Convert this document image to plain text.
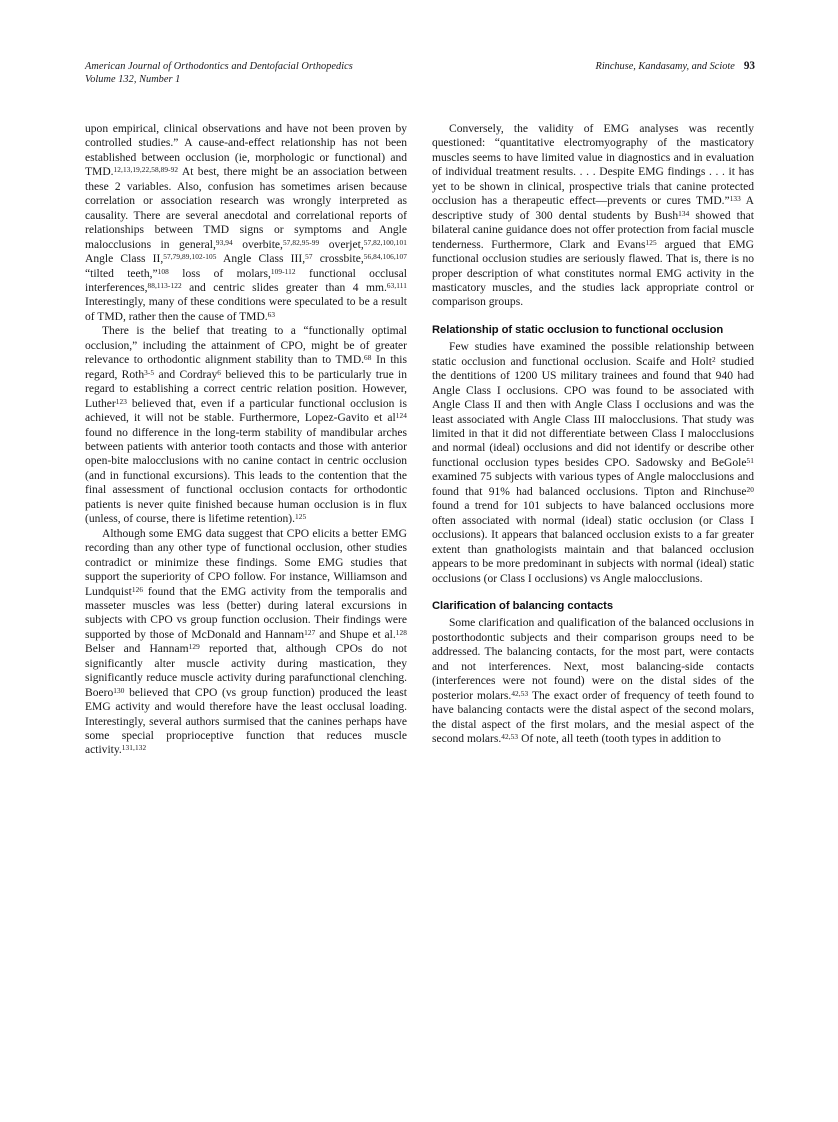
American Journal of Orthodontics and Dentofacial Orthopedics
Volume 132, Number 1
Rinchuse, Kandasamy, and Sciote 93

upon empirical, clinical observations and have not been proven by controlled studies.” A cause-and-effect relationship has not been established between occlusion (ie, morphologic or functional) and TMD.$^{12,13,19,22,58,89-92}$ At best, there might be an association between these 2 variables. Also, confusion has sometimes arisen because correlation or association research was wrongly interpreted as causality. There are several anecdotal and correlational reports of relationships between TMD signs or symptoms and Angle malocclusions in general,$^{93,94}$ overbite,$^{57,82,95-99}$ overjet,$^{57,82,100,101}$ Angle Class II,$^{57,79,89,102-105}$ Angle Class III,$^{57}$ crossbite,$^{56,84,106,107}$ “tilted teeth,”$^{108}$ loss of molars,$^{109-112}$ functional occlusal interferences,$^{88,113-122}$ and centric slides greater than 4 mm.$^{63,111}$ Interestingly, many of these conditions were speculated to be a result of TMD, rather then the cause of TMD.$^{63}$

There is the belief that treating to a “functionally optimal occlusion,” including the attainment of CPO, might be of greater relevance to orthodontic alignment stability than to TMD.$^{68}$ In this regard, Roth$^{3-5}$ and Cordray$^6$ believed this to be particularly true in regard to establishing a correct centric relation position. However, Luther$^{123}$ believed that, even if a particular functional occlusion is achieved, it will not be stable. Furthermore, Lopez-Gavito et $al^{124}$ found no difference in the long-term stability of mandibular arches between patients with anterior tooth contacts and those with anterior open-bite malocclusions with no canine contact in centric occlusion (and in functional excursions). This leads to the contention that the final assessment of functional occlusion contacts for orthodontic patients is never quite finished because human occlusion is in flux (unless, of course, there is lifetime retention).$^{125}$

Although some EMG data suggest that CPO elicits a better EMG recording than any other type of functional occlusion, other studies contradict or minimize these findings. Some EMG studies that support the superiority of CPO follow. For instance, Williamson and Lundquist$^{126}$ found that the EMG activity from the temporalis and masseter muscles was less (better) during lateral excursions in subjects with CPO vs group function occlusion. Their findings were supported by those of McDonald and Hannam$^{127}$ and Shupe et al.$^{128}$ Belser and Hannam$^{129}$ reported that, although CPOs do not significantly alter muscle activity during mastication, they significantly reduce muscle activity during parafunctional clenching. Boero$^{130}$ believed that CPO (vs group function) produced the least EMG activity and would therefore have the least occlusal loading. Interestingly, several authors surmised that the canines perhaps have some special proprioceptive function that reduces muscle activity.$^{131,132}$

Conversely, the validity of EMG analyses was recently questioned: “quantitative electromyography of the masticatory muscles seems to have limited value in diagnostics and in evaluation of individual treatment results. . . . Despite EMG findings . . . it has yet to be shown in clinical, prospective trials that canine protected occlusion has a therapeutic effect—prevents or cures TMD.”$^{133}$ A descriptive study of 300 dental students by Bush$^{134}$ showed that bilateral canine guidance does not offer protection from facial muscle tenderness. Furthermore, Clark and Evans$^{125}$ argued that EMG functional occlusion studies are seriously flawed. That is, there is no proper description of what constitutes normal EMG activity in the masticatory muscles, and the studies lack appropriate control or comparison groups.

Relationship of static occlusion to functional occlusion

Few studies have examined the possible relationship between static occlusion and functional occlusion. Scaife and Holt$^2$ studied the dentitions of 1200 US military trainees and found that 940 had Angle Class I occlusions. CPO was found to be associated with Angle Class II and then with Angle Class I occlusions and was the least associated with Angle Class III malocclusions. That study was limited in that it did not differentiate between Class I malocclusions and normal (ideal) occlusions and did not identify or describe other functional occlusion types besides CPO. Sadowsky and BeGole$^{51}$ examined 75 subjects with various types of Angle malocclusions and found that 91% had balanced occlusions. Tipton and Rinchuse$^{20}$ found a trend for 101 subjects to have balanced occlusions more often associated with normal (ideal) static occlusion (or Class I occlusions). It appears that balanced occlusion exists to a far greater extent than gnathologists maintain and that balanced occlusion appears to be more predominant in subjects with normal (ideal) static occlusions (or Class I occlusions) vs Angle malocclusions.

Clarification of balancing contacts

Some clarification and qualification of the balanced occlusions in postorthodontic subjects and their comparison groups need to be addressed. The balancing contacts, for the most part, were contacts and not interferences. Next, most balancing-side contacts (interferences were not found) were on the distal sides of the posterior molars.$^{42,53}$ The exact order of frequency of teeth found to have balancing contacts were the distal aspect of the second molars, the distal aspect of the first molars, and the mesial aspect of the second molars.$^{42,53}$ Of note, all teeth (tooth types in addition to
